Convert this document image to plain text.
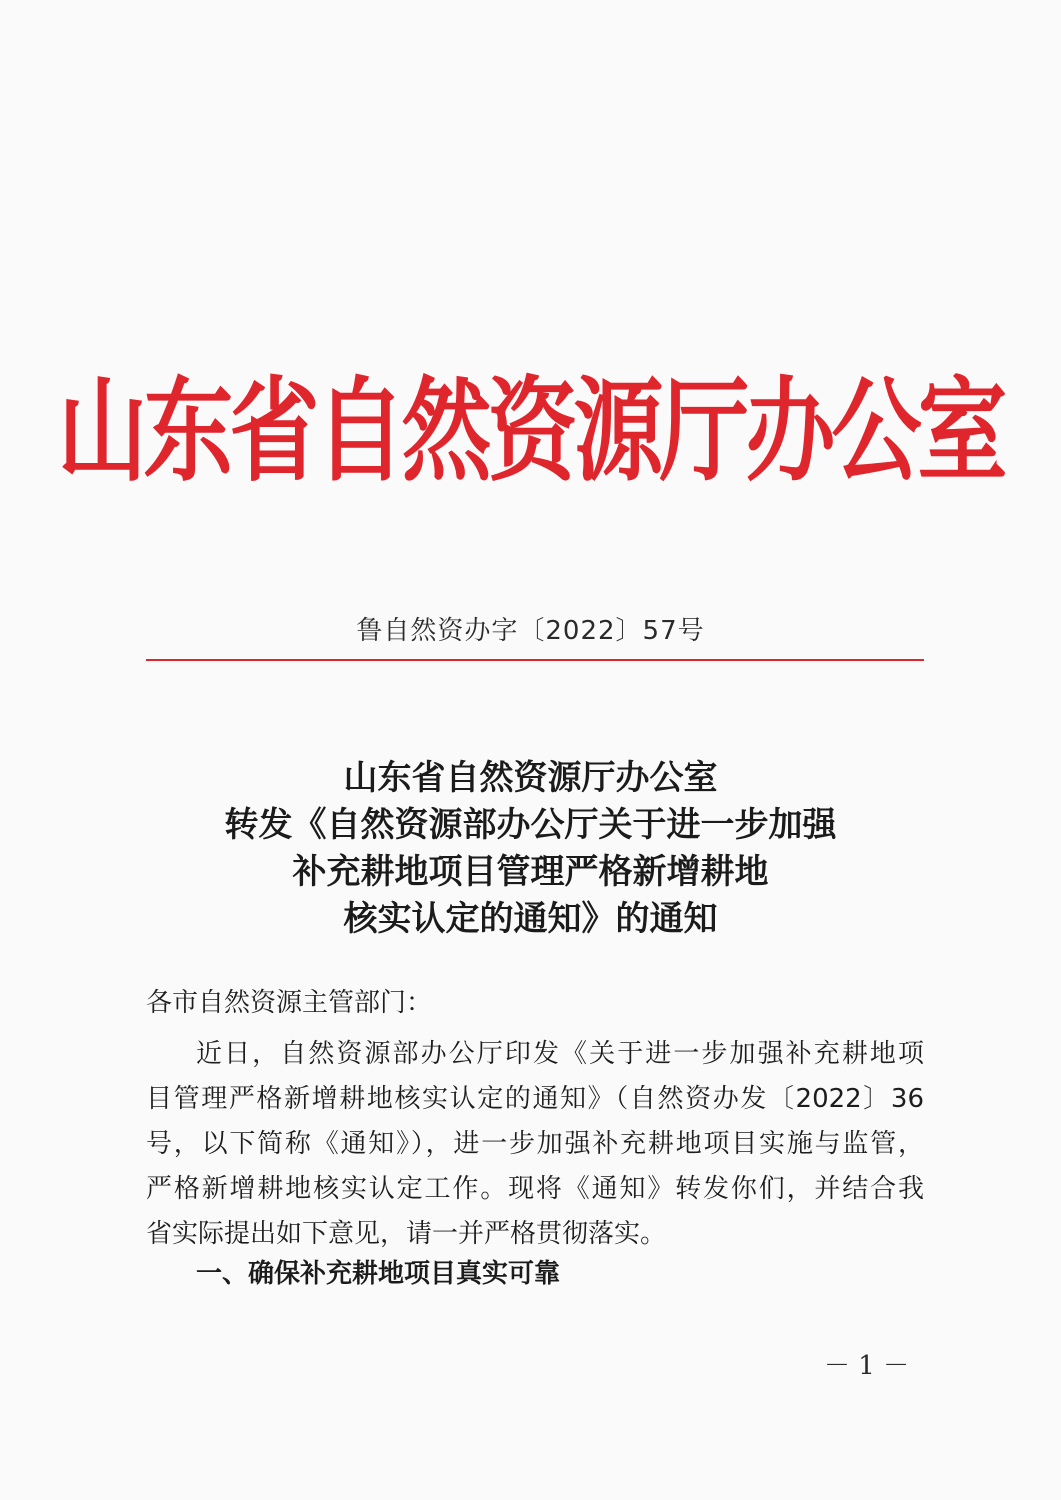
山东省自然资源厅办公室
鲁自然资办字〔2022〕57号
山东省自然资源厅办公室
转发《自然资源部办公厅关于进一步加强
补充耕地项目管理严格新增耕地
核实认定的通知》的通知
各市自然资源主管部门：
近日，自然资源部办公厅印发《关于进一步加强补充耕地项
目管理严格新增耕地核实认定的通知》（自然资办发〔2022〕36
号，以下简称《通知》），进一步加强补充耕地项目实施与监管，
严格新增耕地核实认定工作。现将《通知》转发你们，并结合我
省实际提出如下意见，请一并严格贯彻落实。
一、确保补充耕地项目真实可靠
－ 1 －
